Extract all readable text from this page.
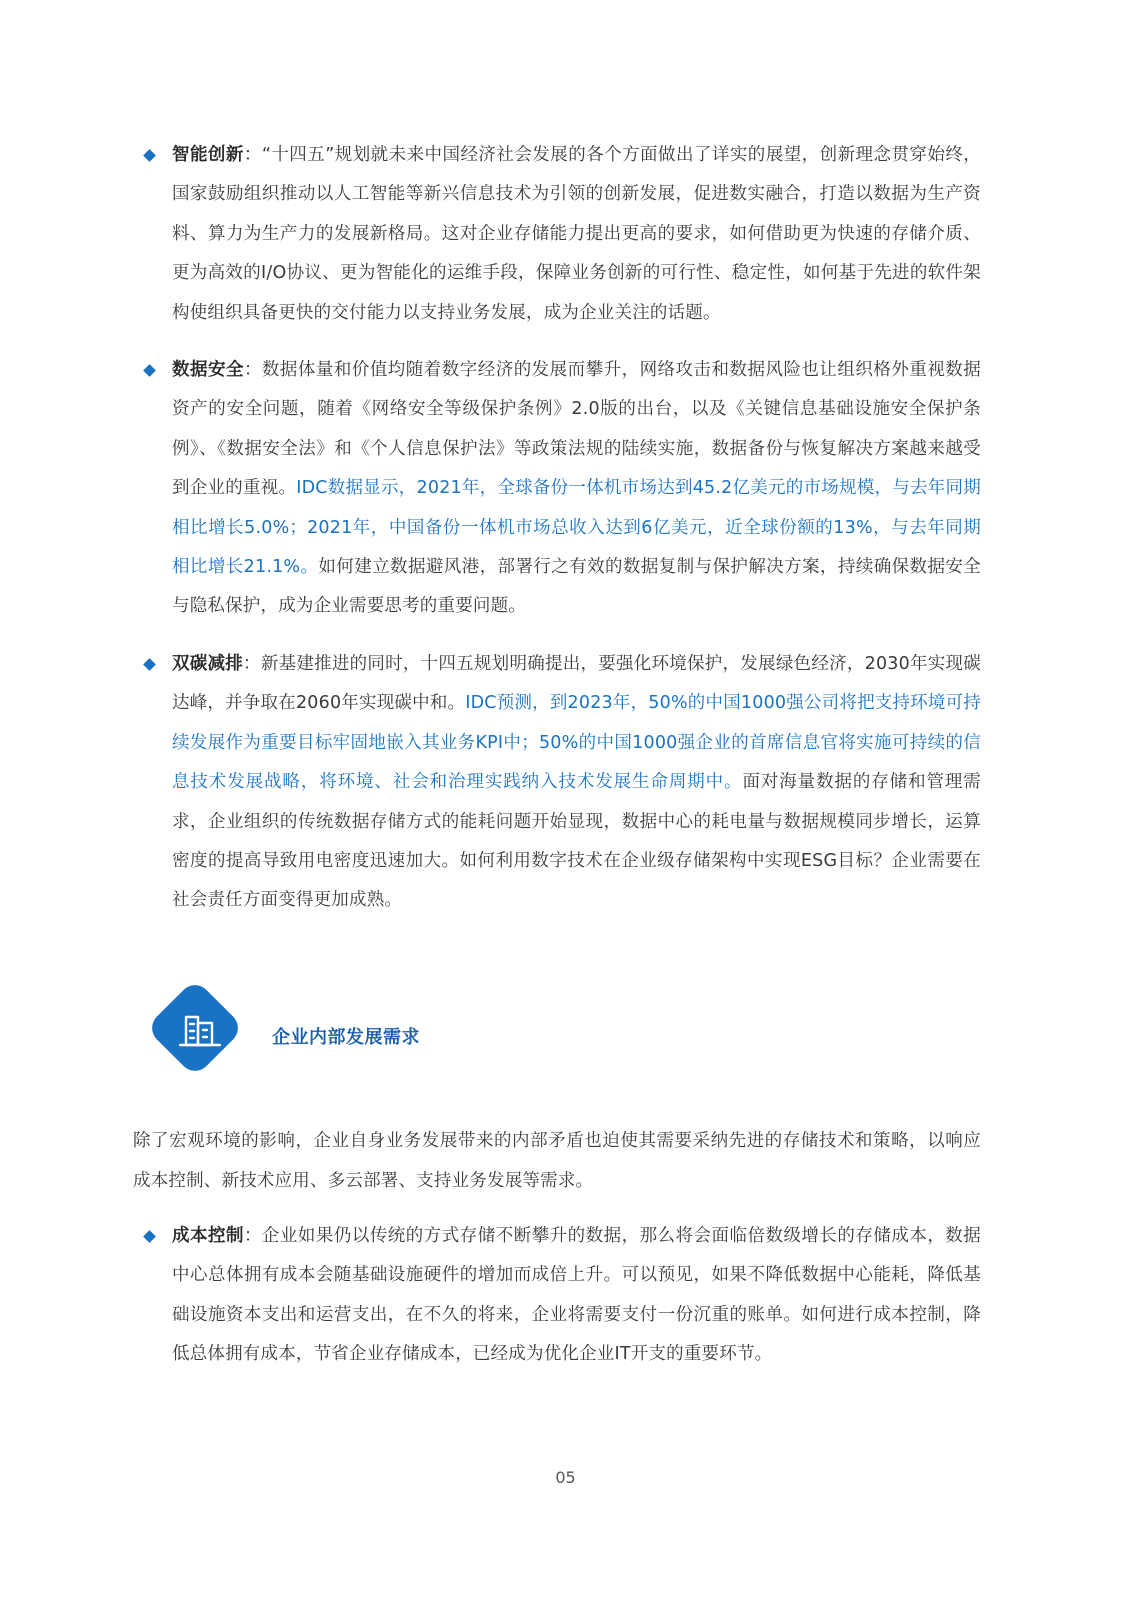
智能创新：“十四五”规划就未来中国经济社会发展的各个方面做出了详实的展望，创新理念贯穿始终，国家鼓励组织推动以人工智能等新兴信息技术为引领的创新发展，促进数实融合，打造以数据为生产资料、算力为生产力的发展新格局。这对企业存储能力提出更高的要求，如何借助更为快速的存储介质、更为高效的I/O协议、更为智能化的运维手段，保障业务创新的可行性、稳定性，如何基于先进的软件架构使组织具备更快的交付能力以支持业务发展，成为企业关注的话题。
数据安全：数据体量和价值均随着数字经济的发展而攀升，网络攻击和数据风险也让组织格外重视数据资产的安全问题，随着《网络安全等级保护条例》2.0版的出台，以及《关键信息基础设施安全保护条例》、《数据安全法》和《个人信息保护法》等政策法规的陆续实施，数据备份与恢复解决方案越来越受到企业的重视。IDC数据显示，2021年，全球备份一体机市场达到45.2亿美元的市场规模，与去年同期相比增长5.0%；2021年，中国备份一体机市场总收入达到6亿美元，近全球份额的13%，与去年同期相比增长21.1%。如何建立数据避风港，部署行之有效的数据复制与保护解决方案，持续确保数据安全与隐私保护，成为企业需要思考的重要问题。
双碳减排：新基建推进的同时，十四五规划明确提出，要强化环境保护，发展绿色经济，2030年实现碳达峰，并争取在2060年实现碳中和。IDC预测，到2023年，50%的中国1000强公司将把支持环境可持续发展作为重要目标牢固地嵌入其业务KPI中；50%的中国1000强企业的首席信息官将实施可持续的信息技术发展战略，将环境、社会和治理实践纳入技术发展生命周期中。面对海量数据的存储和管理需求，企业组织的传统数据存储方式的能耗问题开始显现，数据中心的耗电量与数据规模同步增长，运算密度的提高导致用电密度迅速加大。如何利用数字技术在企业级存储架构中实现ESG目标？企业需要在社会责任方面变得更加成熟。
企业内部发展需求
除了宏观环境的影响，企业自身业务发展带来的内部矛盾也迫使其需要采纳先进的存储技术和策略，以响应成本控制、新技术应用、多云部署、支持业务发展等需求。
成本控制：企业如果仍以传统的方式存储不断攀升的数据，那么将会面临倍数级增长的存储成本，数据中心总体拥有成本会随基础设施硬件的增加而成倍上升。可以预见，如果不降低数据中心能耗，降低基础设施资本支出和运营支出，在不久的将来，企业将需要支付一份沉重的账单。如何进行成本控制，降低总体拥有成本，节省企业存储成本，已经成为优化企业IT开支的重要环节。
05
